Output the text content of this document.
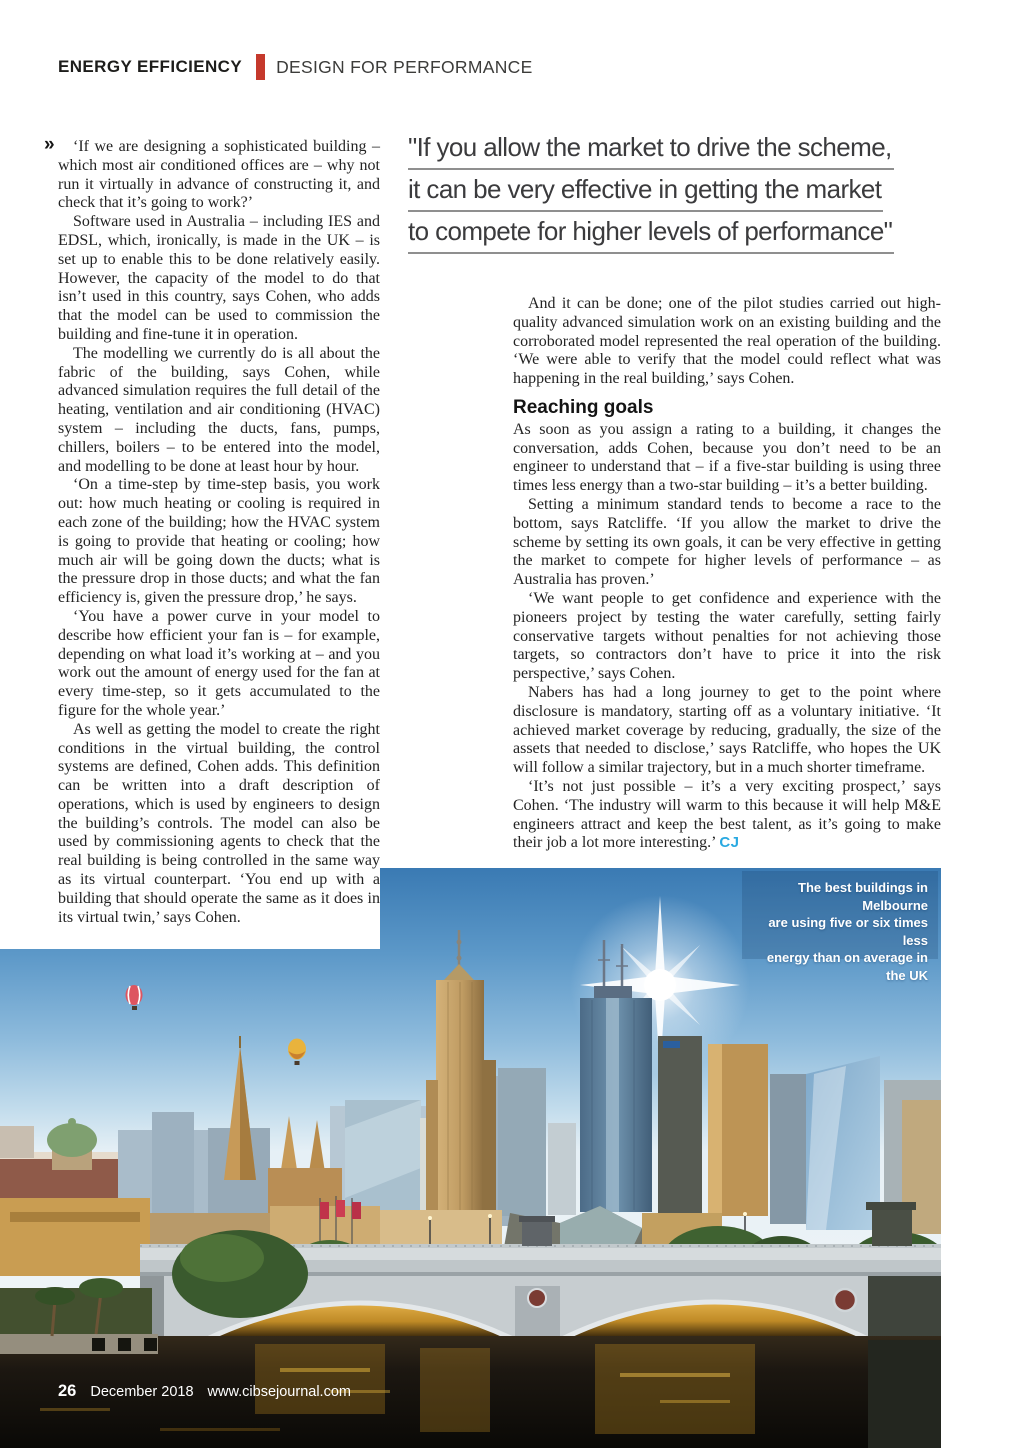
ENERGY EFFICIENCY DESIGN FOR PERFORMANCE
"If you allow the market to drive the scheme,
it can be very effective in getting the market
to compete for higher levels of performance"

» ‘If we are designing a sophisticated building – which most air conditioned offices are – why not run it virtually in advance of constructing it, and check that it’s going to work?’

Software used in Australia – including IES and EDSL, which, ironically, is made in the UK – is set up to enable this to be done relatively easily. However, the capacity of the model to do that isn’t used in this country, says Cohen, who adds that the model can be used to commission the building and fine-tune it in operation.

The modelling we currently do is all about the fabric of the building, says Cohen, while advanced simulation requires the full detail of the heating, ventilation and air conditioning (HVAC) system – including the ducts, fans, pumps, chillers, boilers – to be entered into the model, and modelling to be done at least hour by hour.

‘On a time-step by time-step basis, you work out: how much heating or cooling is required in each zone of the building; how the HVAC system is going to provide that heating or cooling; how much air will be going down the ducts; what is the pressure drop in those ducts; and what the fan efficiency is, given the pressure drop,’ he says.

‘You have a power curve in your model to describe how efficient your fan is – for example, depending on what load it’s working at – and you work out the amount of energy used for the fan at every time-step, so it gets accumulated to the figure for the whole year.’

As well as getting the model to create the right conditions in the virtual building, the control systems are defined, Cohen adds. This definition can be written into a draft description of operations, which is used by engineers to design the building’s controls. The model can also be used by commissioning agents to check that the real building is being controlled in the same way as its virtual counterpart. ‘You end up with a building that should operate the same as it does in its virtual twin,’ says Cohen.

And it can be done; one of the pilot studies carried out high-quality advanced simulation work on an existing building and the corroborated model represented the real operation of the building. ‘We were able to verify that the model could reflect what was happening in the real building,’ says Cohen.

Reaching goals

As soon as you assign a rating to a building, it changes the conversation, adds Cohen, because you don’t need to be an engineer to understand that – if a five-star building is using three times less energy than a two-star building – it’s a better building.

Setting a minimum standard tends to become a race to the bottom, says Ratcliffe. ‘If you allow the market to drive the scheme by setting its own goals, it can be very effective in getting the market to compete for higher levels of performance – as Australia has proven.’

‘We want people to get confidence and experience with the pioneers project by testing the water carefully, setting fairly conservative targets without penalties for not achieving those targets, so contractors don’t have to price it into the risk perspective,’ says Cohen.

Nabers has had a long journey to get to the point where disclosure is mandatory, starting off as a voluntary initiative. ‘It achieved market coverage by reducing, gradually, the size of the assets that needed to disclose,’ says Ratcliffe, who hopes the UK will follow a similar trajectory, but in a much shorter timeframe.

‘It’s not just possible – it’s a very exciting prospect,’ says Cohen. ‘The industry will warm to this because it will help M&E engineers attract and keep the best talent, as it’s going to make their job a lot more interesting.’ CJ

The best buildings in Melbourne
are using five or six times less
energy than on average in the UK
26 December 2018 www.cibsejournal.com
